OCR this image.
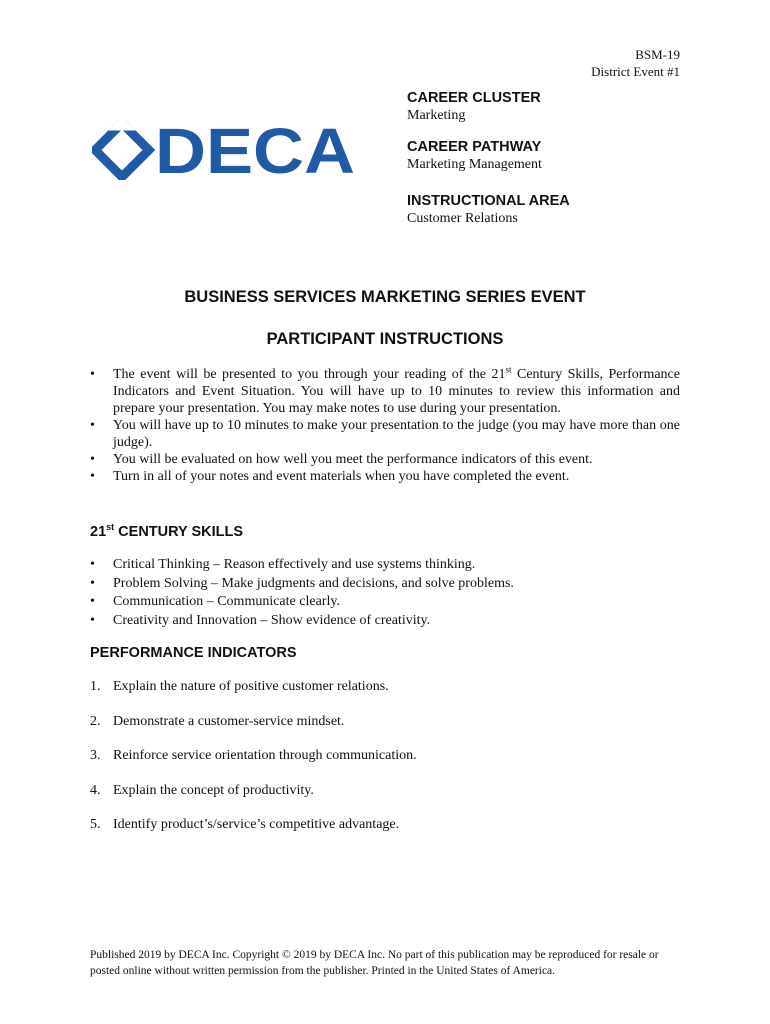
BSM-19
District Event #1
DECA
CAREER CLUSTER
Marketing
CAREER PATHWAY
Marketing Management
INSTRUCTIONAL AREA
Customer Relations
BUSINESS SERVICES MARKETING SERIES EVENT
PARTICIPANT INSTRUCTIONS
• The event will be presented to you through your reading of the 21st Century Skills, Performance Indicators and Event Situation. You will have up to 10 minutes to review this information and prepare your presentation. You may make notes to use during your presentation.
• You will have up to 10 minutes to make your presentation to the judge (you may have more than one judge).
• You will be evaluated on how well you meet the performance indicators of this event.
• Turn in all of your notes and event materials when you have completed the event.
21st CENTURY SKILLS
• Critical Thinking – Reason effectively and use systems thinking.
• Problem Solving – Make judgments and decisions, and solve problems.
• Communication – Communicate clearly.
• Creativity and Innovation – Show evidence of creativity.
PERFORMANCE INDICATORS
1. Explain the nature of positive customer relations.
2. Demonstrate a customer-service mindset.
3. Reinforce service orientation through communication.
4. Explain the concept of productivity.
5. Identify product’s/service’s competitive advantage.
Published 2019 by DECA Inc. Copyright © 2019 by DECA Inc. No part of this publication may be reproduced for resale or posted online without written permission from the publisher. Printed in the United States of America.
